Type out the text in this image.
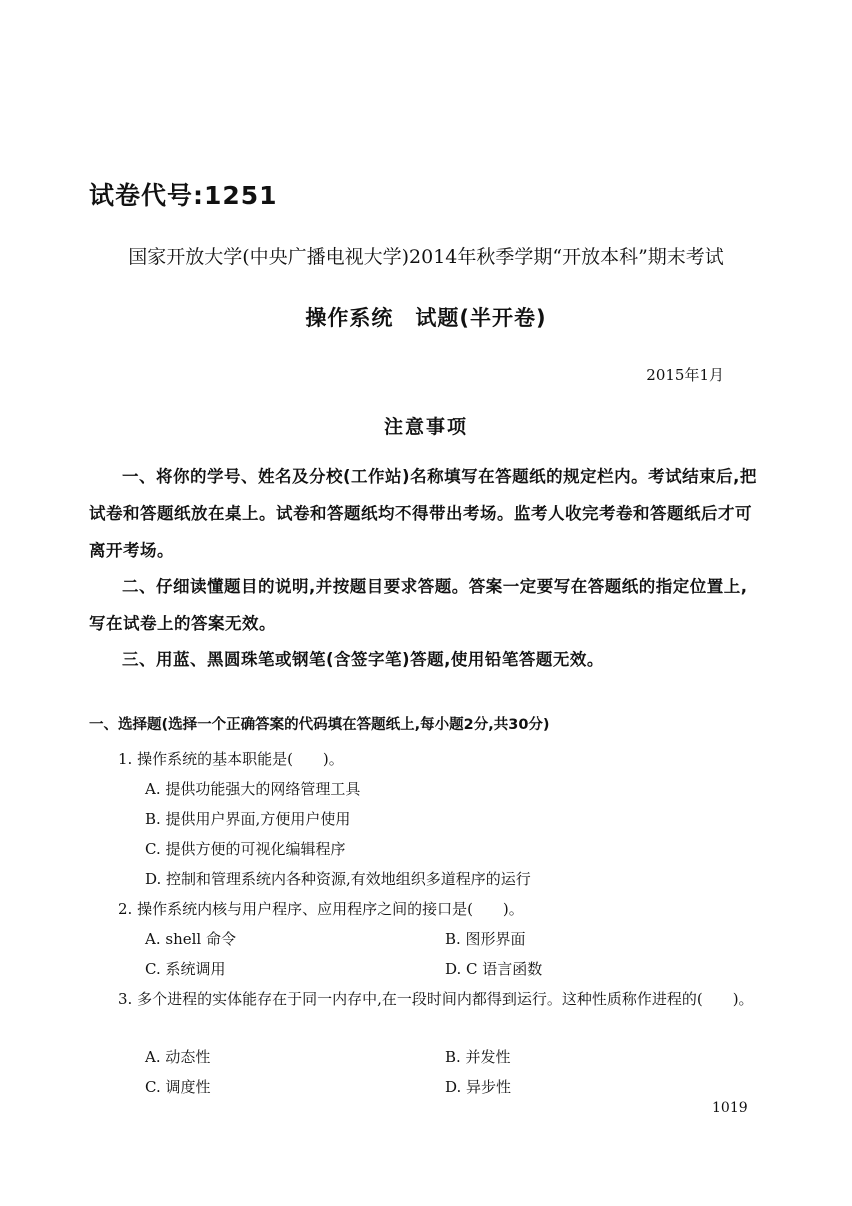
试卷代号:1251
国家开放大学(中央广播电视大学)2014年秋季学期“开放本科”期末考试
操作系统　试题(半开卷)
2015年1月
注意事项
一、将你的学号、姓名及分校(工作站)名称填写在答题纸的规定栏内。考试结束后,把试卷和答题纸放在桌上。试卷和答题纸均不得带出考场。监考人收完考卷和答题纸后才可离开考场。
二、仔细读懂题目的说明,并按题目要求答题。答案一定要写在答题纸的指定位置上,写在试卷上的答案无效。
三、用蓝、黑圆珠笔或钢笔(含签字笔)答题,使用铅笔答题无效。
一、选择题(选择一个正确答案的代码填在答题纸上,每小题2分,共30分)
1. 操作系统的基本职能是(　　)。
A. 提供功能强大的网络管理工具
B. 提供用户界面,方便用户使用
C. 提供方便的可视化编辑程序
D. 控制和管理系统内各种资源,有效地组织多道程序的运行
2. 操作系统内核与用户程序、应用程序之间的接口是(　　)。
A. shell 命令	B. 图形界面
C. 系统调用	D. C 语言函数
3. 多个进程的实体能存在于同一内存中,在一段时间内都得到运行。这种性质称作进程的(　　)。
A. 动态性	B. 并发性
C. 调度性	D. 异步性
1019
